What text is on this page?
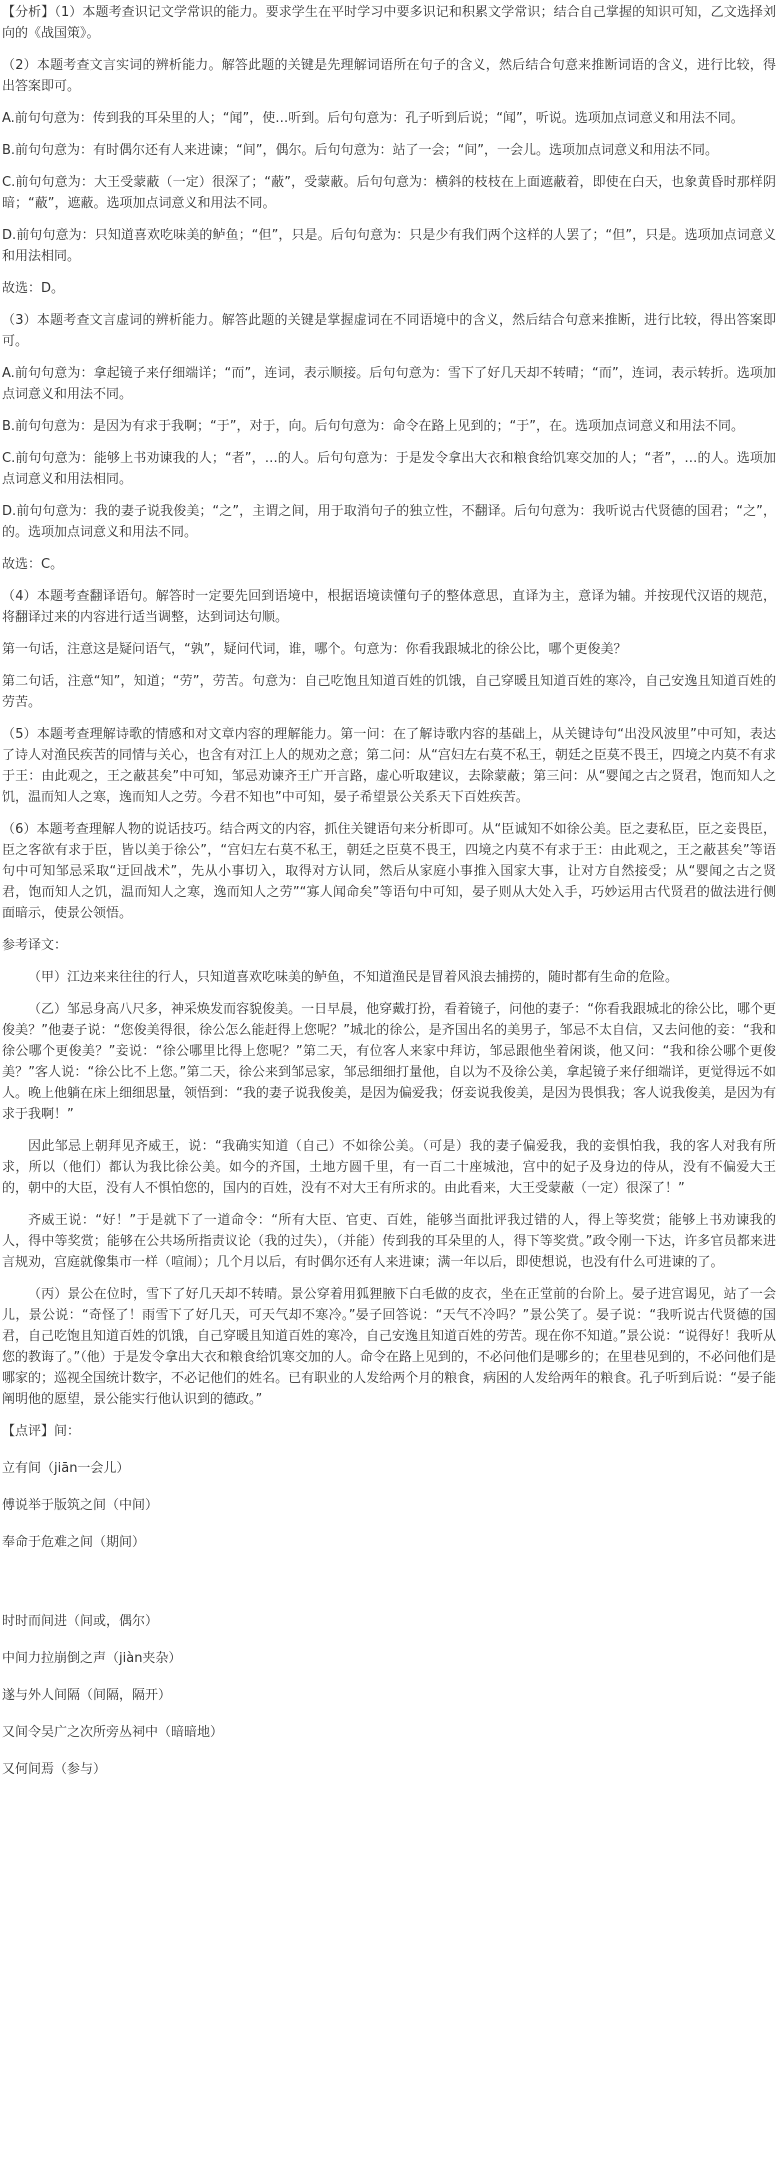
【分析】（1）本题考查识记文学常识的能力。要求学生在平时学习中要多识记和积累文学常识；结合自己掌握的知识可知，乙文选择刘向的《战国策》。

（2）本题考查文言实词的辨析能力。解答此题的关键是先理解词语所在句子的含义，然后结合句意来推断词语的含义，进行比较，得出答案即可。

A.前句句意为：传到我的耳朵里的人；“闻”，使…听到。后句句意为：孔子听到后说；“闻”，听说。选项加点词意义和用法不同。

B.前句句意为：有时偶尔还有人来进谏；“间”，偶尔。后句句意为：站了一会；“间”，一会儿。选项加点词意义和用法不同。

C.前句句意为：大王受蒙蔽（一定）很深了；“蔽”，受蒙蔽。后句句意为：横斜的枝枝在上面遮蔽着，即使在白天，也象黄昏时那样阴暗；“蔽”，遮蔽。选项加点词意义和用法不同。

D.前句句意为：只知道喜欢吃味美的鲈鱼；“但”，只是。后句句意为：只是少有我们两个这样的人罢了；“但”，只是。选项加点词意义和用法相同。

故选：D。

（3）本题考查文言虚词的辨析能力。解答此题的关键是掌握虚词在不同语境中的含义，然后结合句意来推断，进行比较，得出答案即可。

A.前句句意为：拿起镜子来仔细端详；“而”，连词，表示顺接。后句句意为：雪下了好几天却不转晴；“而”，连词，表示转折。选项加点词意义和用法不同。

B.前句句意为：是因为有求于我啊；“于”，对于，向。后句句意为：命令在路上见到的；“于”，在。选项加点词意义和用法不同。

C.前句句意为：能够上书劝谏我的人；“者”，…的人。后句句意为：于是发令拿出大衣和粮食给饥寒交加的人；“者”，…的人。选项加点词意义和用法相同。

D.前句句意为：我的妻子说我俊美；“之”，主谓之间，用于取消句子的独立性，不翻译。后句句意为：我听说古代贤德的国君；“之”，的。选项加点词意义和用法不同。

故选：C。

（4）本题考查翻译语句。解答时一定要先回到语境中，根据语境读懂句子的整体意思，直译为主，意译为辅。并按现代汉语的规范，将翻译过来的内容进行适当调整，达到词达句顺。

第一句话，注意这是疑问语气，“孰”，疑问代词，谁，哪个。句意为：你看我跟城北的徐公比，哪个更俊美？

第二句话，注意“知”，知道；“劳”，劳苦。句意为：自己吃饱且知道百姓的饥饿，自己穿暖且知道百姓的寒冷，自己安逸且知道百姓的劳苦。

（5）本题考查理解诗歌的情感和对文章内容的理解能力。第一问：在了解诗歌内容的基础上，从关键诗句“出没风波里”中可知，表达了诗人对渔民疾苦的同情与关心，也含有对江上人的规劝之意；第二问：从“宫妇左右莫不私王，朝廷之臣莫不畏王，四境之内莫不有求于王：由此观之，王之蔽甚矣”中可知，邹忌劝谏齐王广开言路，虚心听取建议，去除蒙蔽；第三问：从“婴闻之古之贤君，饱而知人之饥，温而知人之寒，逸而知人之劳。今君不知也”中可知，晏子希望景公关系天下百姓疾苦。

（6）本题考查理解人物的说话技巧。结合两文的内容，抓住关键语句来分析即可。从“臣诚知不如徐公美。臣之妻私臣，臣之妾畏臣，臣之客欲有求于臣，皆以美于徐公”，“宫妇左右莫不私王，朝廷之臣莫不畏王，四境之内莫不有求于王：由此观之，王之蔽甚矣”等语句中可知邹忌采取“迂回战术”，先从小事切入，取得对方认同，然后从家庭小事推入国家大事，让对方自然接受；从“婴闻之古之贤君，饱而知人之饥，温而知人之寒，逸而知人之劳”“寡人闻命矣”等语句中可知，晏子则从大处入手，巧妙运用古代贤君的做法进行侧面暗示，使景公领悟。

参考译文：

（甲）江边来来往往的行人，只知道喜欢吃味美的鲈鱼，不知道渔民是冒着风浪去捕捞的，随时都有生命的危险。

（乙）邹忌身高八尺多，神采焕发而容貌俊美。一日早晨，他穿戴打扮，看着镜子，问他的妻子：“你看我跟城北的徐公比，哪个更俊美？”他妻子说：“您俊美得很，徐公怎么能赶得上您呢？”城北的徐公，是齐国出名的美男子，邹忌不太自信，又去问他的妾：“我和徐公哪个更俊美？”妾说：“徐公哪里比得上您呢？”第二天，有位客人来家中拜访，邹忌跟他坐着闲谈，他又问：“我和徐公哪个更俊美？”客人说：“徐公比不上您。”第二天，徐公来到邹忌家，邹忌细细打量他，自以为不及徐公美，拿起镜子来仔细端详，更觉得远不如人。晚上他躺在床上细细思量，领悟到：“我的妻子说我俊美，是因为偏爱我；伢妾说我俊美，是因为畏惧我；客人说我俊美，是因为有求于我啊！”

因此邹忌上朝拜见齐威王，说：“我确实知道（自己）不如徐公美。（可是）我的妻子偏爱我，我的妾惧怕我，我的客人对我有所求，所以（他们）都认为我比徐公美。如今的齐国，土地方圆千里，有一百二十座城池，宫中的妃子及身边的侍从，没有不偏爱大王的，朝中的大臣，没有人不惧怕您的，国内的百姓，没有不对大王有所求的。由此看来，大王受蒙蔽（一定）很深了！”

齐威王说：“好！”于是就下了一道命令：“所有大臣、官吏、百姓，能够当面批评我过错的人，得上等奖赏；能够上书劝谏我的人，得中等奖赏；能够在公共场所指责议论（我的过失），（并能）传到我的耳朵里的人，得下等奖赏。”政令刚一下达，许多官员都来进言规劝，宫庭就像集市一样（喧闹）；几个月以后，有时偶尔还有人来进谏；满一年以后，即使想说，也没有什么可进谏的了。

（丙）景公在位时，雪下了好几天却不转晴。景公穿着用狐狸腋下白毛做的皮衣，坐在正堂前的台阶上。晏子进宫谒见，站了一会儿，景公说：“奇怪了！雨雪下了好几天，可天气却不寒冷。”晏子回答说：“天气不冷吗？”景公笑了。晏子说：“我听说古代贤德的国君，自己吃饱且知道百姓的饥饿，自己穿暖且知道百姓的寒冷，自己安逸且知道百姓的劳苦。现在你不知道。”景公说：“说得好！我听从您的教诲了。”（他）于是发令拿出大衣和粮食给饥寒交加的人。命令在路上见到的，不必问他们是哪乡的；在里巷见到的，不必问他们是哪家的；巡视全国统计数字，不必记他们的姓名。已有职业的人发给两个月的粮食，病困的人发给两年的粮食。孔子听到后说：“晏子能阐明他的愿望，景公能实行他认识到的德政。”

【点评】间：

立有间（jiān一会儿）

傅说举于版筑之间（中间）

奉命于危难之间（期间）

时时而间进（间或，偶尔）

中间力拉崩倒之声（jiàn夹杂）

遂与外人间隔（间隔，隔开）

又间令吴广之次所旁丛祠中（暗暗地）

又何间焉（参与）
